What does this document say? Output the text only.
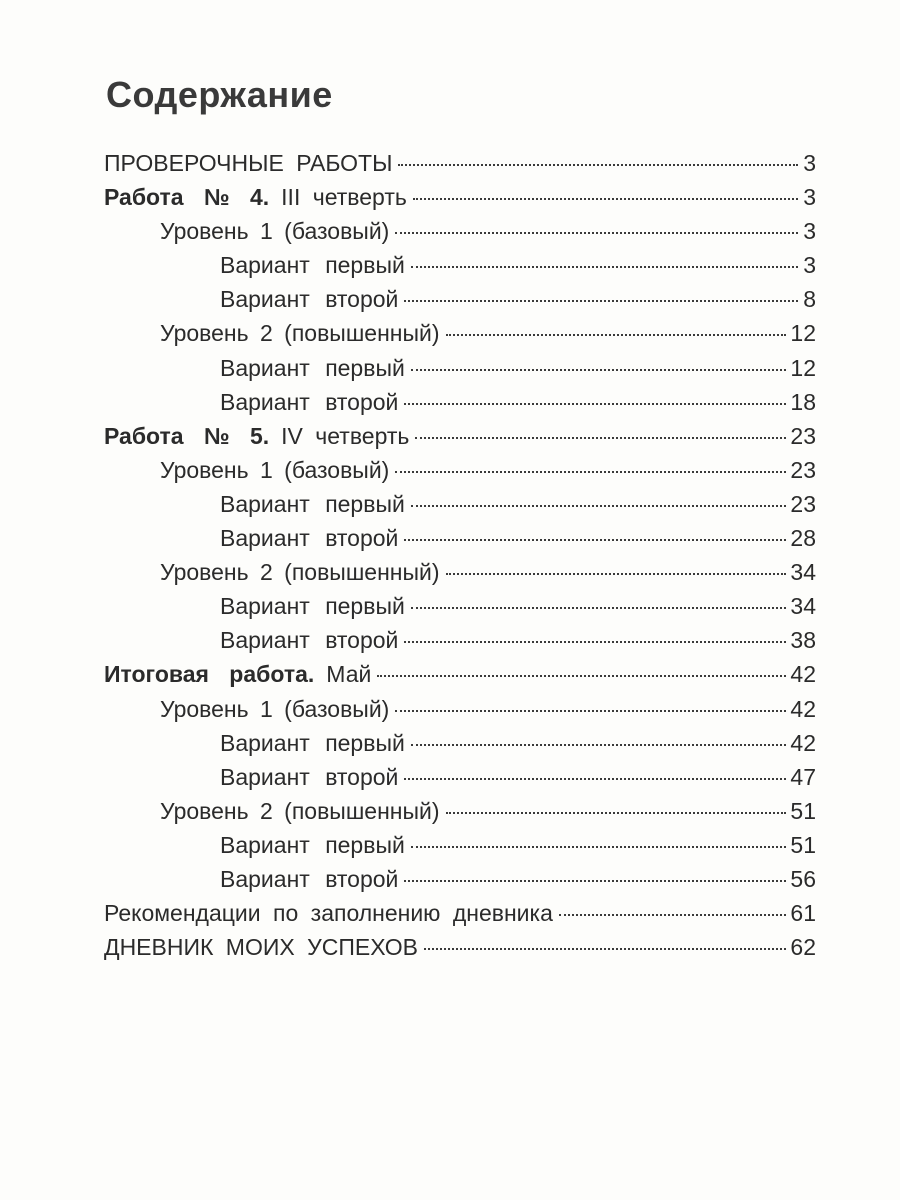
Содержание
ПРОВЕРОЧНЫЕ РАБОТЫ	3
Работа № 4. III четверть	3
Уровень 1 (базовый)	3
Вариант первый	3
Вариант второй	8
Уровень 2 (повышенный)	12
Вариант первый	12
Вариант второй	18
Работа № 5. IV четверть	23
Уровень 1 (базовый)	23
Вариант первый	23
Вариант второй	28
Уровень 2 (повышенный)	34
Вариант первый	34
Вариант второй	38
Итоговая работа. Май	42
Уровень 1 (базовый)	42
Вариант первый	42
Вариант второй	47
Уровень 2 (повышенный)	51
Вариант первый	51
Вариант второй	56
Рекомендации по заполнению дневника	61
ДНЕВНИК МОИХ УСПЕХОВ	62
